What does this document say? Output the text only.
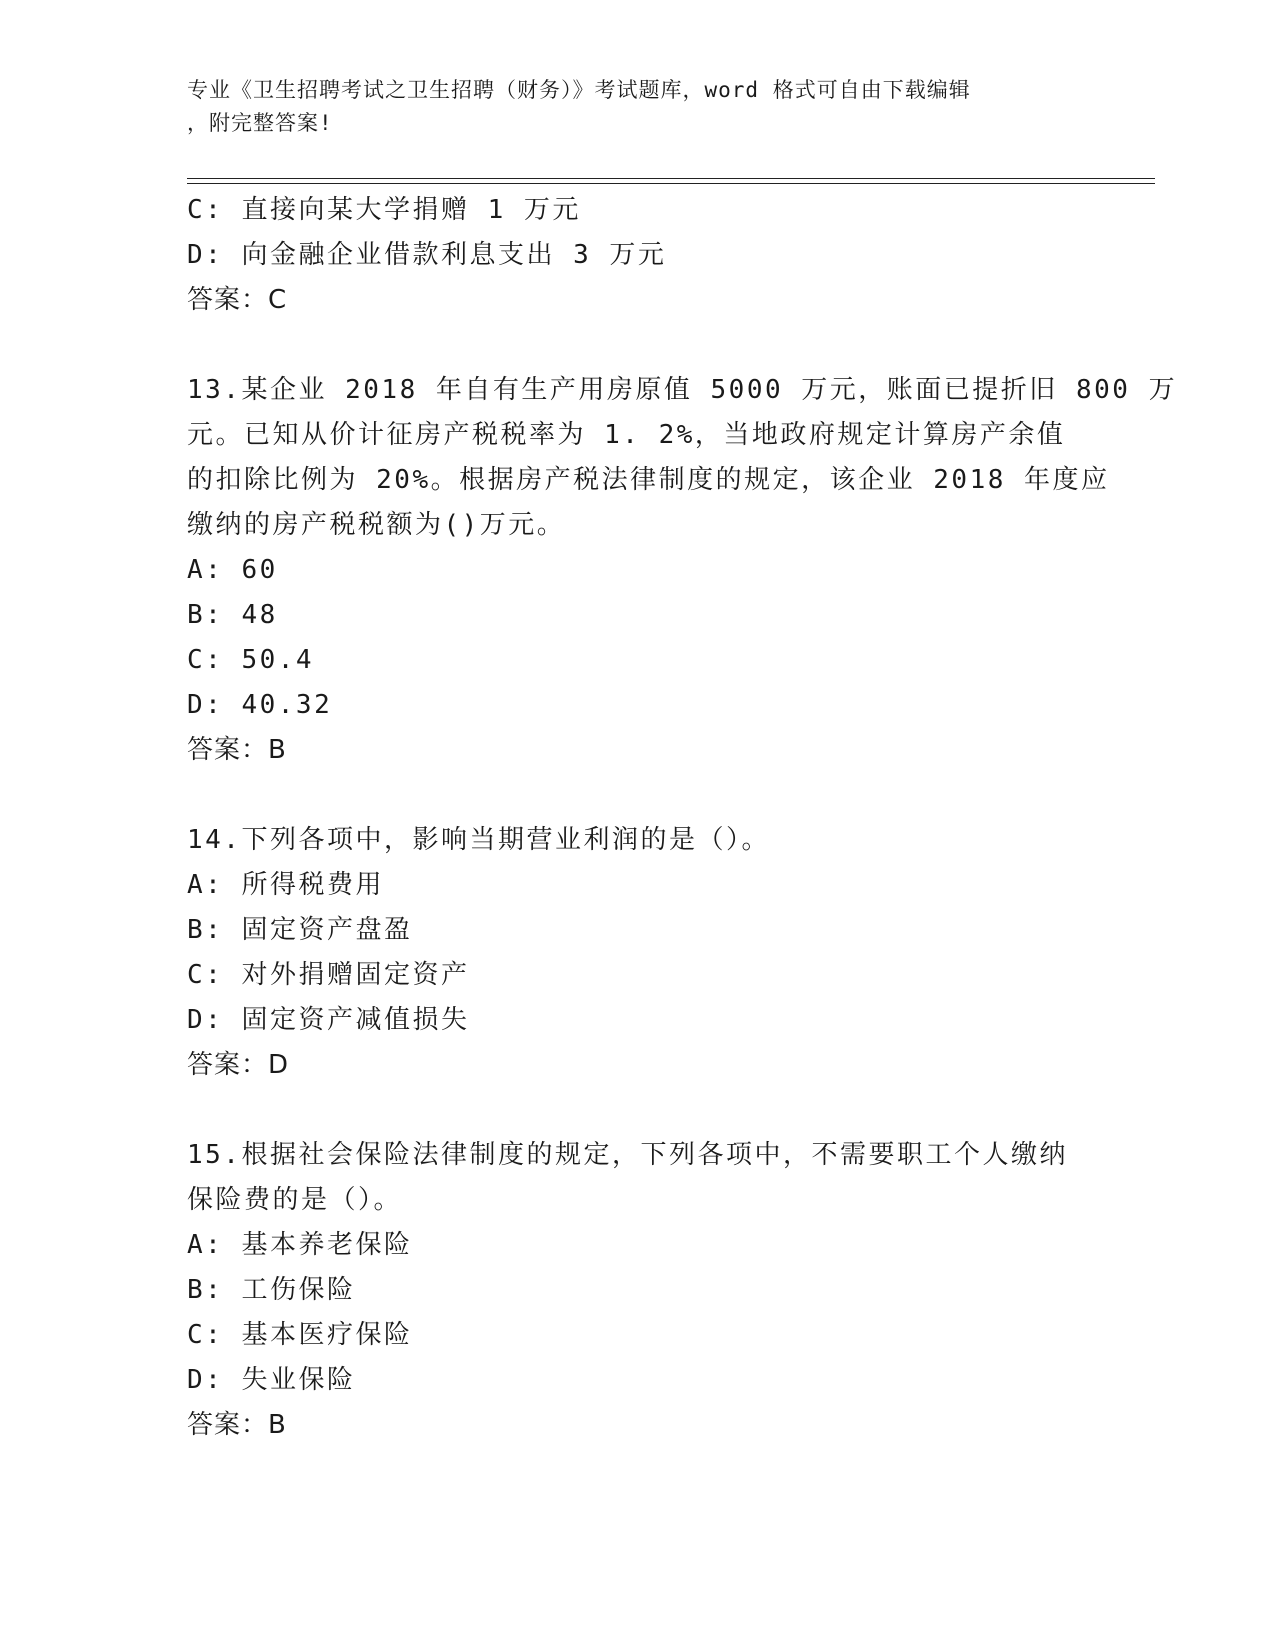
专业《卫生招聘考试之卫生招聘（财务）》考试题库，word 格式可自由下载编辑
，附完整答案!
C: 直接向某大学捐赠 1 万元
D: 向金融企业借款利息支出 3 万元
答案：C
13.某企业 2018 年自有生产用房原值 5000 万元，账面已提折旧 800 万
元。已知从价计征房产税税率为 1. 2%，当地政府规定计算房产余值
的扣除比例为 20%。根据房产税法律制度的规定，该企业 2018 年度应
缴纳的房产税税额为()万元。
A: 60
B: 48
C: 50.4
D: 40.32
答案：B
14.下列各项中，影响当期营业利润的是（）。
A: 所得税费用
B: 固定资产盘盈
C: 对外捐赠固定资产
D: 固定资产减值损失
答案：D
15.根据社会保险法律制度的规定，下列各项中，不需要职工个人缴纳
保险费的是（）。
A: 基本养老保险
B: 工伤保险
C: 基本医疗保险
D: 失业保险
答案：B
